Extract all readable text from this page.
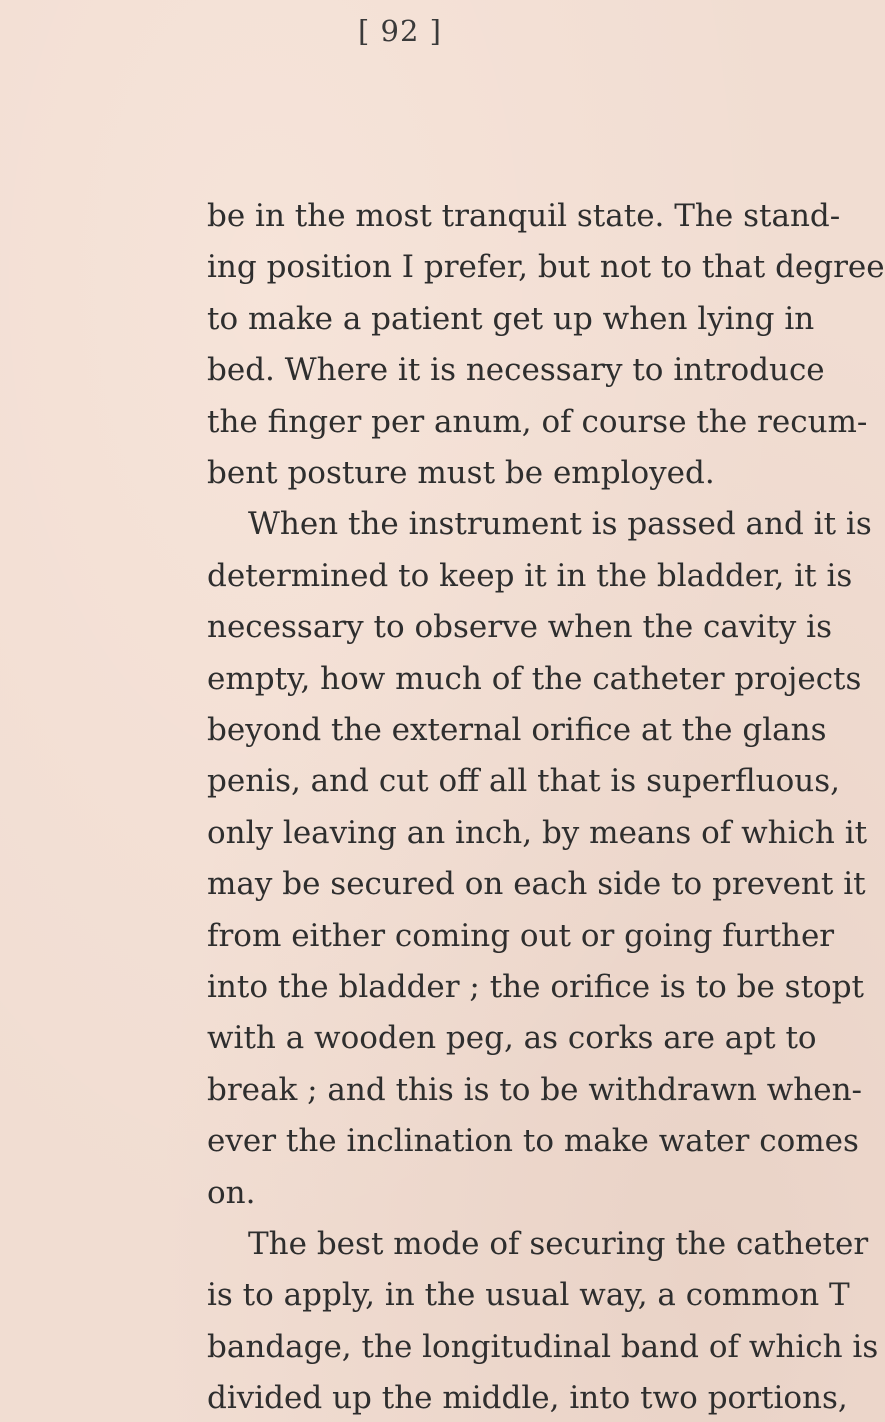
[ 92 ]
be in the most tranquil state. The stand-
ing position I prefer, but not to that degree
to make a patient get up when lying in
bed. Where it is necessary to introduce
the finger per anum, of course the recum-
bent posture must be employed.
When the instrument is passed and it is
determined to keep it in the bladder, it is
necessary to observe when the cavity is
empty, how much of the catheter projects
beyond the external orifice at the glans
penis, and cut off all that is superfluous,
only leaving an inch, by means of which it
may be secured on each side to prevent it
from either coming out or going further
into the bladder ; the orifice is to be stopt
with a wooden peg, as corks are apt to
break ; and this is to be withdrawn when-
ever the inclination to make water comes
on.
The best mode of securing the catheter
is to apply, in the usual way, a common T
bandage, the longitudinal band of which is
divided up the middle, into two portions,
